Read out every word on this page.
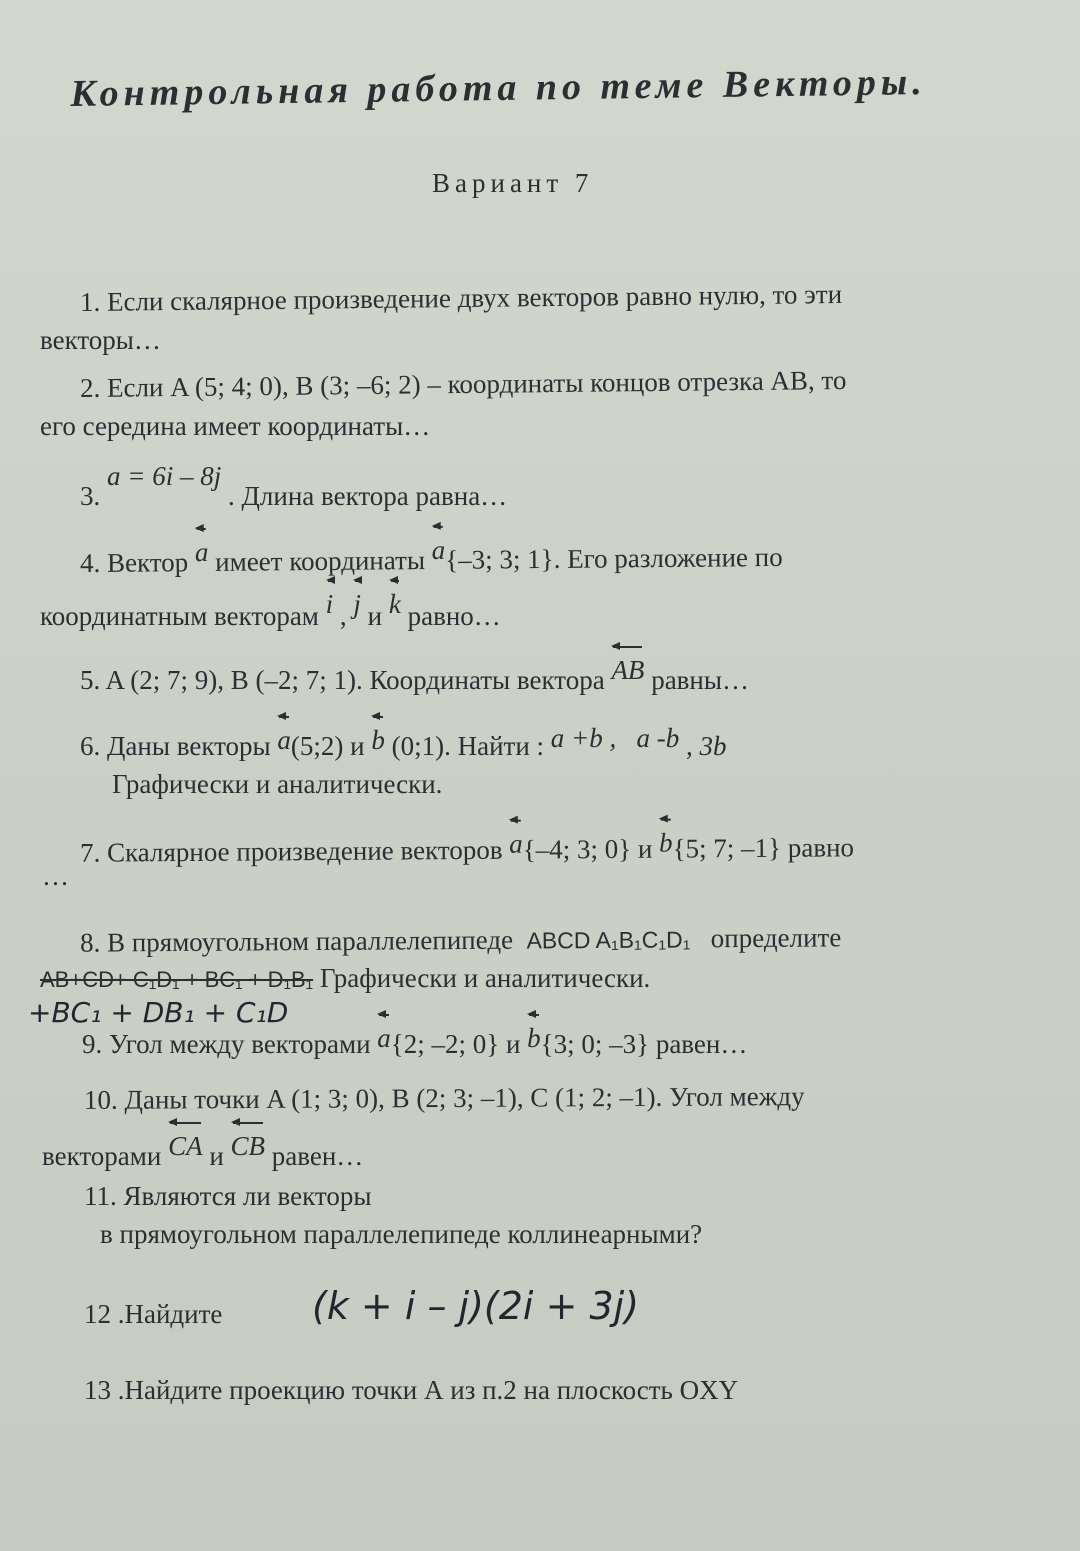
Контрольная работа по теме Векторы.
Вариант 7
1. Если скалярное произведение двух векторов равно нулю, то эти
векторы…
2. Если A (5; 4; 0), B (3; –6; 2) – координаты концов отрезка AB, то
его середина имеет координаты…
3. a = 6i – 8j . Длина вектора равна…
4. Вектор a имеет координаты a{–3; 3; 1}. Его разложение по
координатным векторам i , j и k равно…
5. A (2; 7; 9), B (–2; 7; 1). Координаты вектора AB равны…
6. Даны векторы a(5;2) и b (0;1). Найти : a +b , a -b , 3b
Графически и аналитически.
7. Скалярное произведение векторов a{–4; 3; 0} и b{5; 7; –1} равно
…
8. В прямоугольном параллелепипеде ABCD A₁B₁C₁D₁ определите
AB+CD+ C₁D₁ + BC₁ + D₁B₁ Графически и аналитически.
+BC₁ + DB₁ + C₁D
9. Угол между векторами a{2; –2; 0} и b{3; 0; –3} равен…
10. Даны точки A (1; 3; 0), B (2; 3; –1), C (1; 2; –1). Угол между
векторами CA и CB равен…
11. Являются ли векторы
в прямоугольном параллелепипеде коллинеарными?
12 .Найдите (k + i – j)(2i + 3j)
13 .Найдите проекцию точки А из п.2 на плоскость OXY
